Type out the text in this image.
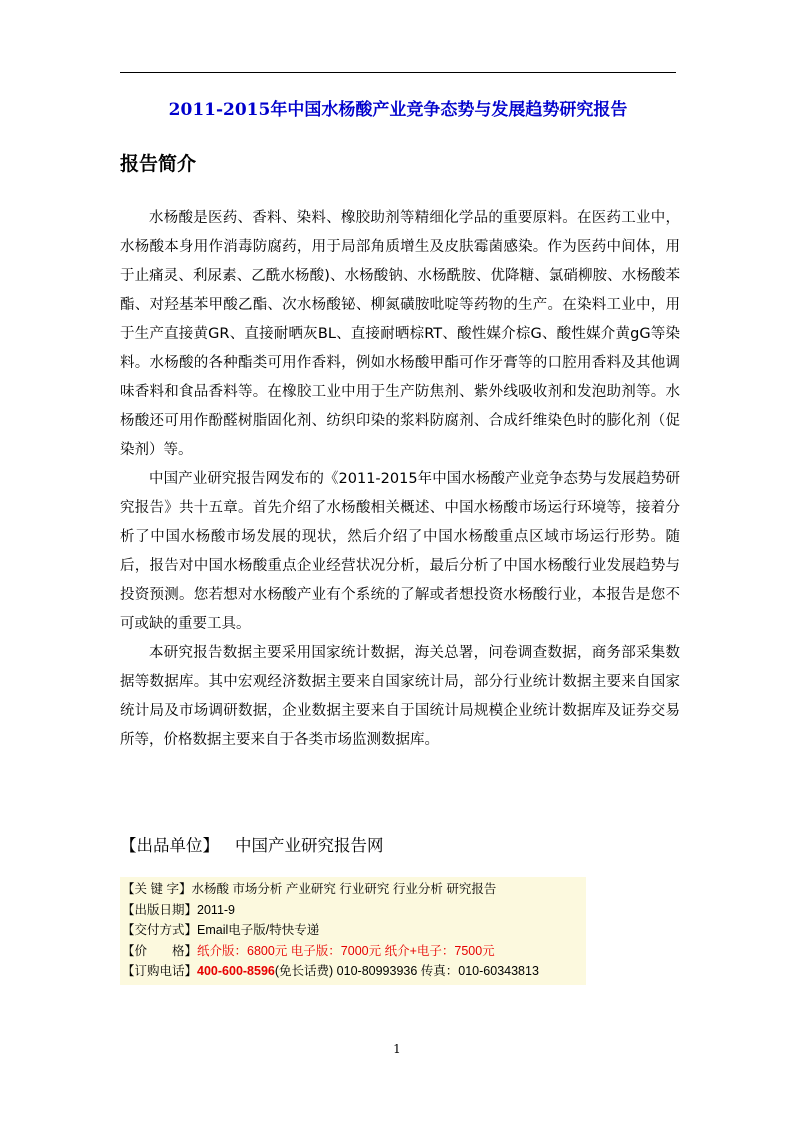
2011-2015年中国水杨酸产业竞争态势与发展趋势研究报告
报告简介

水杨酸是医药、香料、染料、橡胶助剂等精细化学品的重要原料。在医药工业中，水杨酸本身用作消毒防腐药，用于局部角质增生及皮肤霉菌感染。作为医药中间体，用于止痛灵、利尿素、乙酰水杨酸)、水杨酸钠、水杨酰胺、优降糖、氯硝柳胺、水杨酸苯酯、对羟基苯甲酸乙酯、次水杨酸铋、柳氮磺胺吡啶等药物的生产。在染料工业中，用于生产直接黄GR、直接耐晒灰BL、直接耐晒棕RT、酸性媒介棕G、酸性媒介黄gG等染料。水杨酸的各种酯类可用作香料，例如水杨酸甲酯可作牙膏等的口腔用香料及其他调味香料和食品香料等。在橡胶工业中用于生产防焦剂、紫外线吸收剂和发泡助剂等。水杨酸还可用作酚醛树脂固化剂、纺织印染的浆料防腐剂、合成纤维染色时的膨化剂（促染剂）等。

中国产业研究报告网发布的《2011-2015年中国水杨酸产业竞争态势与发展趋势研究报告》共十五章。首先介绍了水杨酸相关概述、中国水杨酸市场运行环境等，接着分析了中国水杨酸市场发展的现状，然后介绍了中国水杨酸重点区域市场运行形势。随后，报告对中国水杨酸重点企业经营状况分析，最后分析了中国水杨酸行业发展趋势与投资预测。您若想对水杨酸产业有个系统的了解或者想投资水杨酸行业，本报告是您不可或缺的重要工具。

本研究报告数据主要采用国家统计数据，海关总署，问卷调查数据，商务部采集数据等数据库。其中宏观经济数据主要来自国家统计局，部分行业统计数据主要来自国家统计局及市场调研数据，企业数据主要来自于国统计局规模企业统计数据库及证券交易所等，价格数据主要来自于各类市场监测数据库。

【出品单位】 中国产业研究报告网
【关 键 字】水杨酸 市场分析 产业研究 行业研究 行业分析 研究报告
【出版日期】2011-9
【交付方式】Email电子版/特快专递
【价　　格】纸介版：6800元 电子版：7000元 纸介+电子：7500元
【订购电话】400-600-8596(免长话费) 010-80993936 传真：010-60343813
1
